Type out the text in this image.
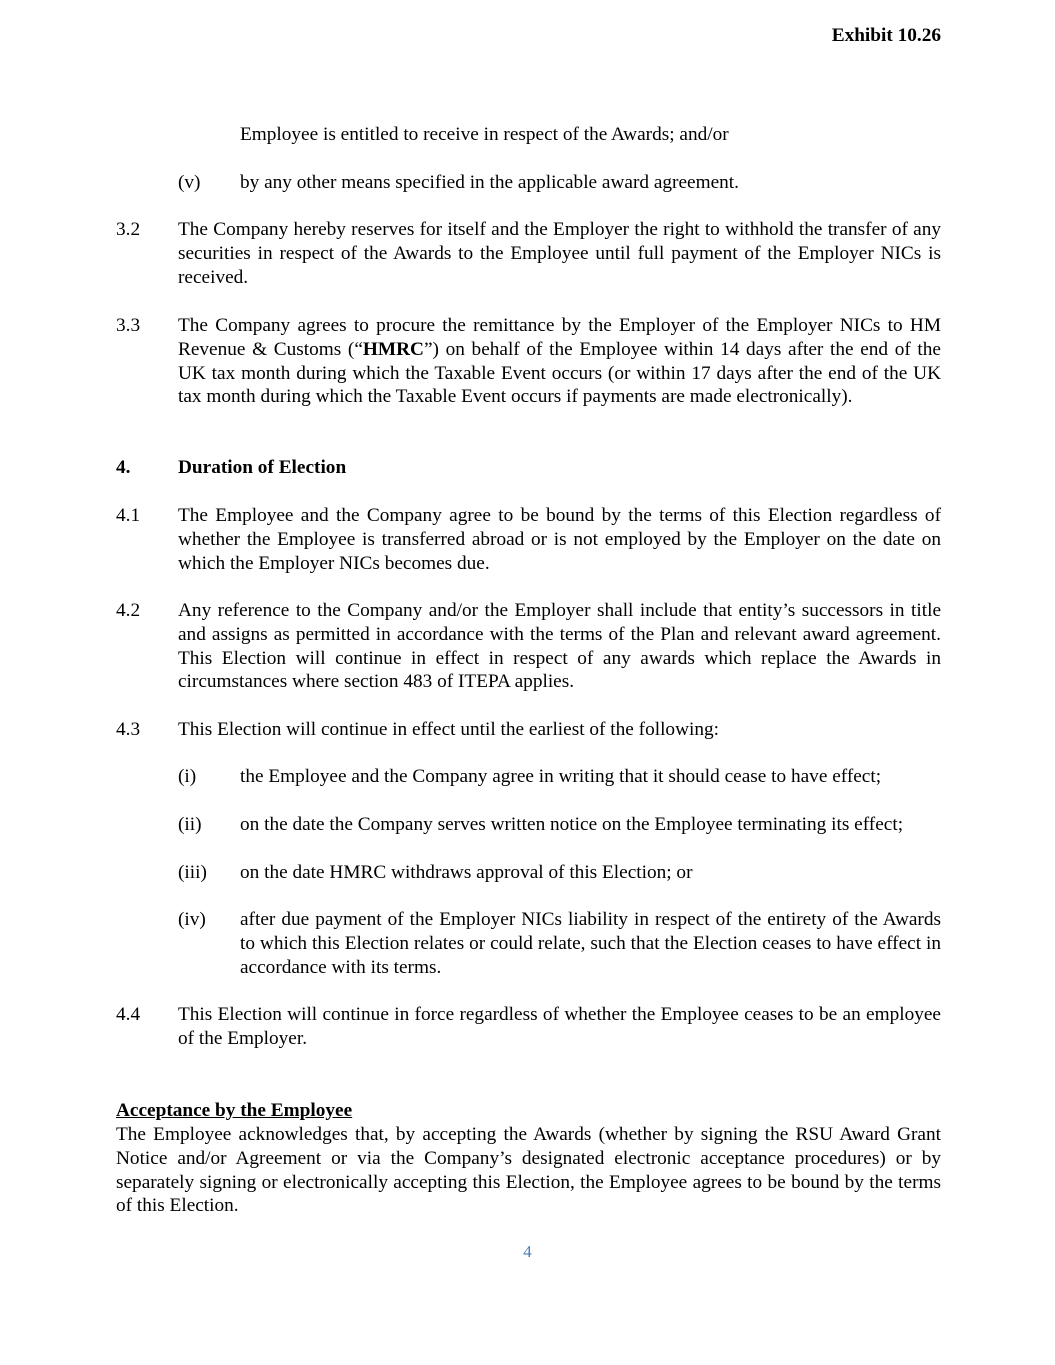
Exhibit 10.26

Employee is entitled to receive in respect of the Awards; and/or

(v) by any other means specified in the applicable award agreement.

3.2 The Company hereby reserves for itself and the Employer the right to withhold the transfer of any securities in respect of the Awards to the Employee until full payment of the Employer NICs is received.

3.3 The Company agrees to procure the remittance by the Employer of the Employer NICs to HM Revenue & Customs (“HMRC”) on behalf of the Employee within 14 days after the end of the UK tax month during which the Taxable Event occurs (or within 17 days after the end of the UK tax month during which the Taxable Event occurs if payments are made electronically).

4. Duration of Election

4.1 The Employee and the Company agree to be bound by the terms of this Election regardless of whether the Employee is transferred abroad or is not employed by the Employer on the date on which the Employer NICs becomes due.

4.2 Any reference to the Company and/or the Employer shall include that entity’s successors in title and assigns as permitted in accordance with the terms of the Plan and relevant award agreement. This Election will continue in effect in respect of any awards which replace the Awards in circumstances where section 483 of ITEPA applies.

4.3 This Election will continue in effect until the earliest of the following:

(i) the Employee and the Company agree in writing that it should cease to have effect;

(ii) on the date the Company serves written notice on the Employee terminating its effect;

(iii) on the date HMRC withdraws approval of this Election; or

(iv) after due payment of the Employer NICs liability in respect of the entirety of the Awards to which this Election relates or could relate, such that the Election ceases to have effect in accordance with its terms.

4.4 This Election will continue in force regardless of whether the Employee ceases to be an employee of the Employer.

Acceptance by the Employee

The Employee acknowledges that, by accepting the Awards (whether by signing the RSU Award Grant Notice and/or Agreement or via the Company’s designated electronic acceptance procedures) or by separately signing or electronically accepting this Election, the Employee agrees to be bound by the terms of this Election.

4
